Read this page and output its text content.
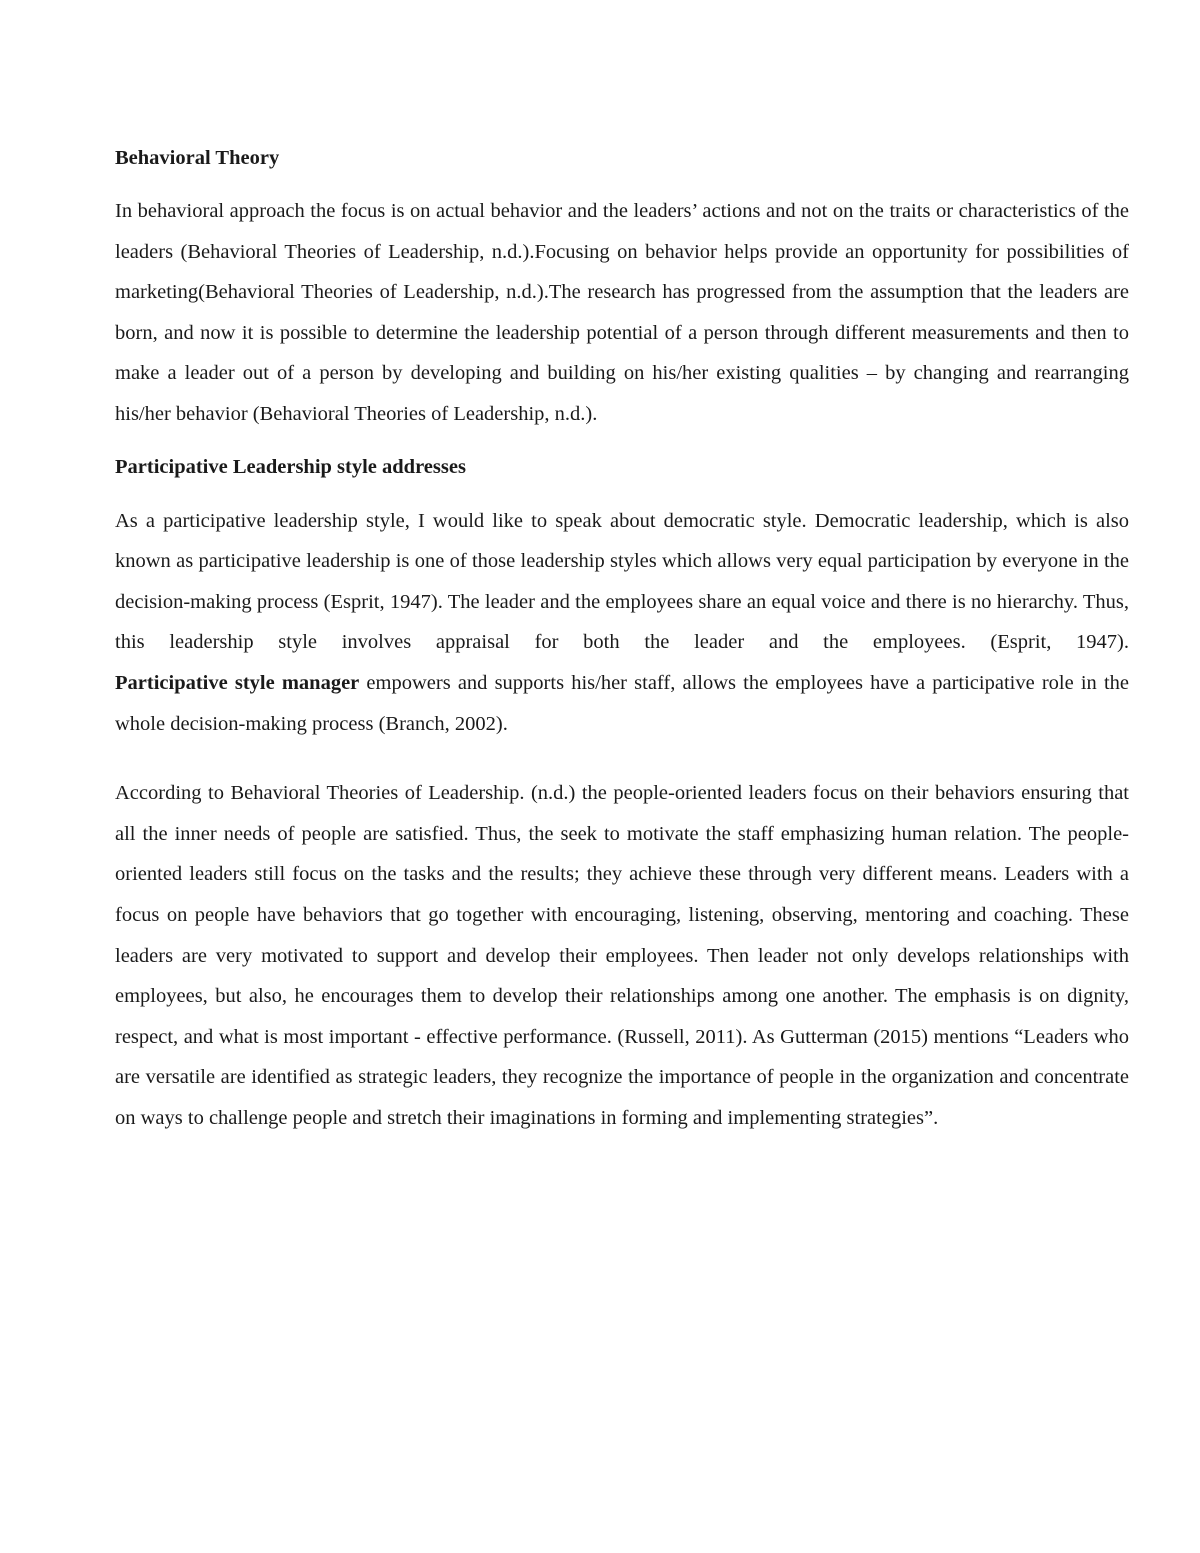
Behavioral Theory

In behavioral approach the focus is on actual behavior and the leaders’ actions and not on the traits or characteristics of the leaders (Behavioral Theories of Leadership, n.d.).Focusing on behavior helps provide an opportunity for possibilities of marketing(Behavioral Theories of Leadership, n.d.).The research has progressed from the assumption that the leaders are born, and now it is possible to determine the leadership potential of a person through different measurements and then to make a leader out of a person by developing and building on his/her existing qualities – by changing and rearranging his/her behavior (Behavioral Theories of Leadership, n.d.).

Participative Leadership style addresses

As a participative leadership style, I would like to speak about democratic style. Democratic leadership, which is also known as participative leadership is one of those leadership styles which allows very equal participation by everyone in the decision-making process (Esprit, 1947). The leader and the employees share an equal voice and there is no hierarchy. Thus, this leadership style involves appraisal for both the leader and the employees. (Esprit, 1947).

Participative style manager empowers and supports his/her staff, allows the employees have a participative role in the whole decision-making process (Branch, 2002).

According to Behavioral Theories of Leadership. (n.d.) the people-oriented leaders focus on their behaviors ensuring that all the inner needs of people are satisfied. Thus, the seek to motivate the staff emphasizing human relation. The people-oriented leaders still focus on the tasks and the results; they achieve these through very different means. Leaders with a focus on people have behaviors that go together with encouraging, listening, observing, mentoring and coaching. These leaders are very motivated to support and develop their employees. Then leader not only develops relationships with employees, but also, he encourages them to develop their relationships among one another. The emphasis is on dignity, respect, and what is most important - effective performance. (Russell, 2011). As Gutterman (2015) mentions “Leaders who are versatile are identified as strategic leaders, they recognize the importance of people in the organization and concentrate on ways to challenge people and stretch their imaginations in forming and implementing strategies”.
